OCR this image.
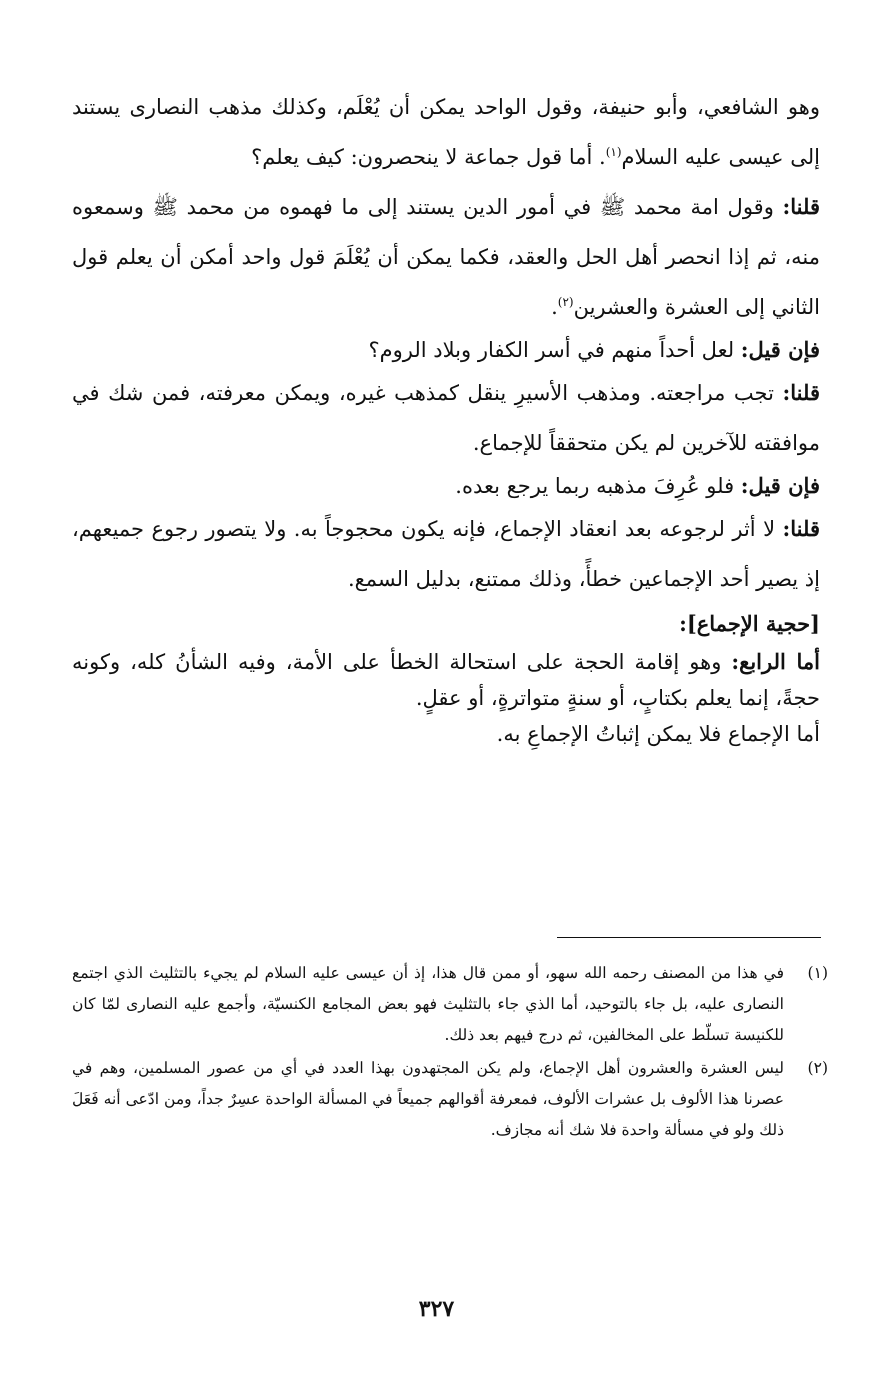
وهو الشافعي، وأبو حنيفة، وقول الواحد يمكن أن يُعْلَم، وكذلك مذهب النصارى يستند إلى عيسى عليه السلام$^{(١)}$. أما قول جماعة لا ينحصرون: كيف يعلم؟

قلنا: وقول امة محمد ﷺ في أمور الدين يستند إلى ما فهموه من محمد ﷺ وسمعوه منه، ثم إذا انحصر أهل الحل والعقد، فكما يمكن أن يُعْلَمَ قول واحد أمكن أن يعلم قول الثاني إلى العشرة والعشرين$^{(٢)}$.

فإن قيل: لعل أحداً منهم في أسر الكفار وبلاد الروم؟

قلنا: تجب مراجعته. ومذهب الأسيرِ ينقل كمذهب غيره، ويمكن معرفته، فمن شك في موافقته للآخرين لم يكن متحققاً للإجماع.

فإن قيل: فلو عُرِفَ مذهبه ربما يرجع بعده.

قلنا: لا أثر لرجوعه بعد انعقاد الإجماع، فإنه يكون محجوجاً به. ولا يتصور رجوع جميعهم، إذ يصير أحد الإجماعين خطأً، وذلك ممتنع، بدليل السمع.

[حجية الإجماع]:

أما الرابع: وهو إقامة الحجة على استحالة الخطأ على الأمة، وفيه الشأنُ كله، وكونه حجةً، إنما يعلم بكتابٍ، أو سنةٍ متواترةٍ، أو عقلٍ.

أما الإجماع فلا يمكن إثباتُ الإجماعِ به.

(١)
في هذا من المصنف رحمه الله سهو، أو ممن قال هذا، إذ أن عيسى عليه السلام لم يجيء بالتثليث الذي اجتمع النصارى عليه، بل جاء بالتوحيد، أما الذي جاء بالتثليث فهو بعض المجامع الكنسيّة، وأجمع عليه النصارى لمّا كان للكنيسة تسلّط على المخالفين، ثم درج فيهم بعد ذلك.
(٢)
ليس العشرة والعشرون أهل الإجماع، ولم يكن المجتهدون بهذا العدد في أي من عصور المسلمين، وهم في عصرنا هذا الألوف بل عشرات الألوف، فمعرفة أقوالهم جميعاً في المسألة الواحدة عسِرٌ جداً، ومن ادّعى أنه فَعَلَ ذلك ولو في مسألة واحدة فلا شك أنه مجازف.
٣٢٧
